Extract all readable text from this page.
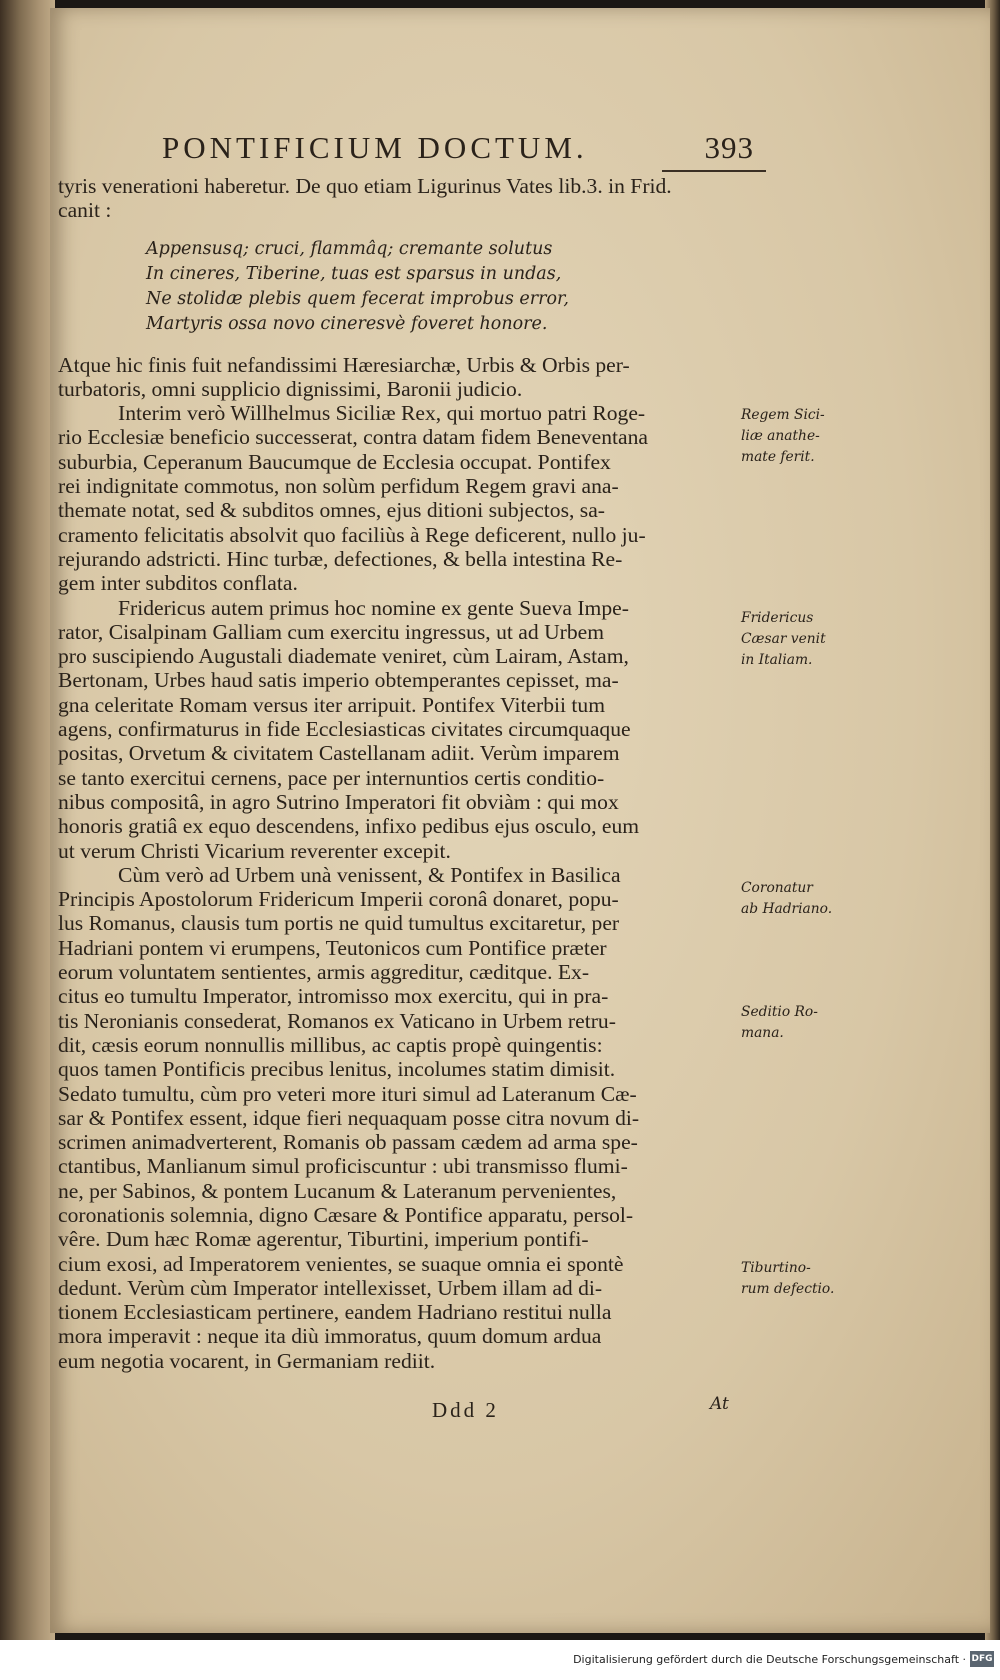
PONTIFICIUM DOCTUM.	393
tyris venerationi haberetur. De quo etiam Ligurinus Vates lib.3. in Frid.
canit :
Appensusq; cruci, flammâq; cremante solutus
In cineres, Tiberine, tuas est sparsus in undas,
Ne stolidæ plebis quem fecerat improbus error,
Martyris ossa novo cineresvè foveret honore.
Atque hic finis fuit nefandissimi Hæresiarchæ, Urbis & Orbis per-
turbatoris, omni supplicio dignissimi, Baronii judicio.
Interim verò Willhelmus Siciliæ Rex, qui mortuo patri Roge-
rio Ecclesiæ beneficio successerat, contra datam fidem Beneventana
suburbia, Ceperanum Baucumque de Ecclesia occupat. Pontifex
rei indignitate commotus, non solùm perfidum Regem gravi ana-
themate notat, sed & subditos omnes, ejus ditioni subjectos, sa-
cramento felicitatis absolvit quo faciliùs à Rege deficerent, nullo ju-
rejurando adstricti. Hinc turbæ, defectiones, & bella intestina Re-
gem inter subditos conflata.
Fridericus autem primus hoc nomine ex gente Sueva Impe-
rator, Cisalpinam Galliam cum exercitu ingressus, ut ad Urbem
pro suscipiendo Augustali diademate veniret, cùm Lairam, Astam,
Bertonam, Urbes haud satis imperio obtemperantes cepisset, ma-
gna celeritate Romam versus iter arripuit. Pontifex Viterbii tum
agens, confirmaturus in fide Ecclesiasticas civitates circumquaque
positas, Orvetum & civitatem Castellanam adiit. Verùm imparem
se tanto exercitui cernens, pace per internuntios certis conditio-
nibus compositâ, in agro Sutrino Imperatori fit obviàm : qui mox
honoris gratiâ ex equo descendens, infixo pedibus ejus osculo, eum
ut verum Christi Vicarium reverenter excepit.
Cùm verò ad Urbem unà venissent, & Pontifex in Basilica
Principis Apostolorum Fridericum Imperii coronâ donaret, popu-
lus Romanus, clausis tum portis ne quid tumultus excitaretur, per
Hadriani pontem vi erumpens, Teutonicos cum Pontifice præter
eorum voluntatem sentientes, armis aggreditur, cæditque. Ex-
citus eo tumultu Imperator, intromisso mox exercitu, qui in pra-
tis Neronianis consederat, Romanos ex Vaticano in Urbem retru-
dit, cæsis eorum nonnullis millibus, ac captis propè quingentis:
quos tamen Pontificis precibus lenitus, incolumes statim dimisit.
Sedato tumultu, cùm pro veteri more ituri simul ad Lateranum Cæ-
sar & Pontifex essent, idque fieri nequaquam posse citra novum di-
scrimen animadverterent, Romanis ob passam cædem ad arma spe-
ctantibus, Manlianum simul proficiscuntur : ubi transmisso flumi-
ne, per Sabinos, & pontem Lucanum & Lateranum pervenientes,
coronationis solemnia, digno Cæsare & Pontifice apparatu, persol-
vêre. Dum hæc Romæ agerentur, Tiburtini, imperium pontifi-
cium exosi, ad Imperatorem venientes, se suaque omnia ei spontè
dedunt. Verùm cùm Imperator intellexisset, Urbem illam ad di-
tionem Ecclesiasticam pertinere, eandem Hadriano restitui nulla
mora imperavit : neque ita diù immoratus, quum domum ardua
eum negotia vocarent, in Germaniam rediit.
Regem Sici-
liæ anathe-
mate ferit.
Fridericus
Cæsar venit
in Italiam.
Coronatur
ab Hadriano.
Seditio Ro-
mana.
Tiburtino-
rum defectio.
Ddd 2	At
Digitalisierung gefördert durch die Deutsche Forschungsgemeinschaft · DFG
